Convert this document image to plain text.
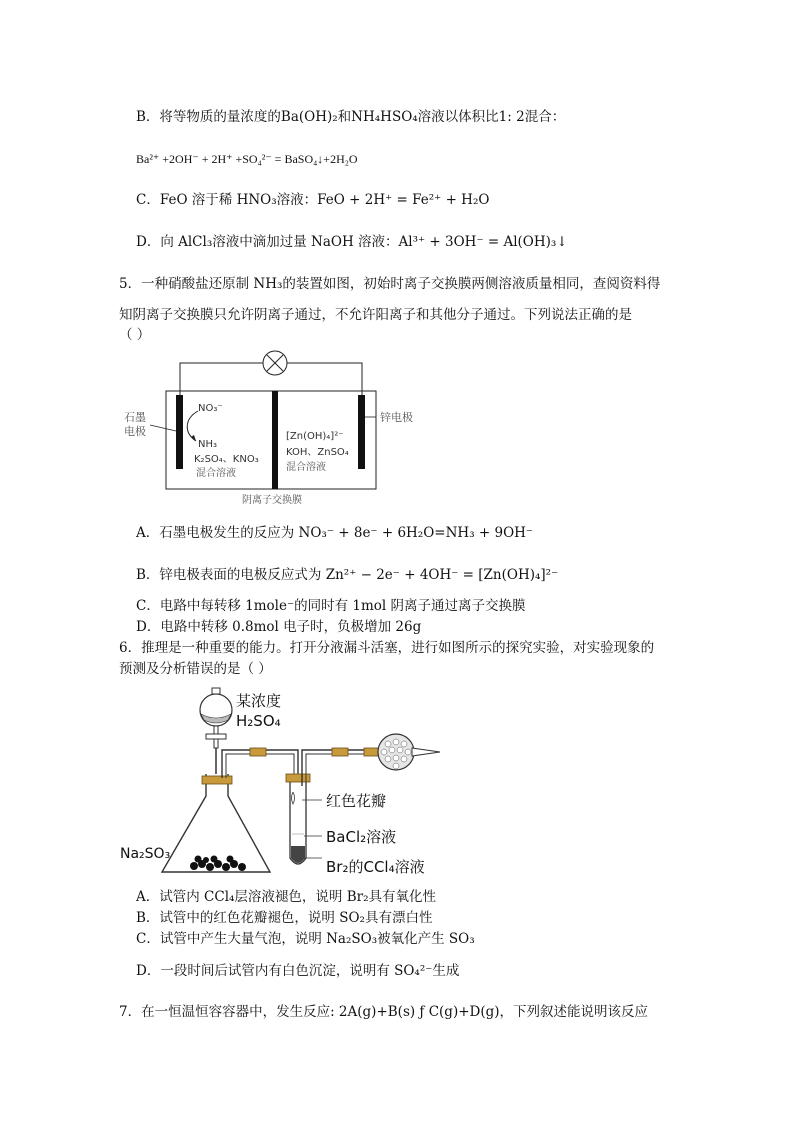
B．将等物质的量浓度的Ba(OH)₂和NH₄HSO₄溶液以体积比1: 2混合：
Ba²⁺ +2OH⁻ + 2H⁺ +SO₄²⁻ = BaSO₄↓+2H₂O
C．FeO 溶于稀 HNO₃溶液：FeO + 2H⁺ = Fe²⁺ + H₂O
D．向 AlCl₃溶液中滴加过量 NaOH 溶液：Al³⁺ + 3OH⁻ = Al(OH)₃↓
5．一种硝酸盐还原制 NH₃的装置如图，初始时离子交换膜两侧溶液质量相同，查阅资料得
知阴离子交换膜只允许阴离子通过，不允许阳离子和其他分子通过。下列说法正确的是
（ ）
石墨
电极
锌电极
NO₃⁻
NH₃
K₂SO₄、KNO₃
混合溶液
[Zn(OH)₄]²⁻
KOH、ZnSO₄
混合溶液
阴离子交换膜
A．石墨电极发生的反应为 NO₃⁻ + 8e⁻ + 6H₂O=NH₃ + 9OH⁻
B．锌电极表面的电极反应式为 Zn²⁺ − 2e⁻ + 4OH⁻ = [Zn(OH)₄]²⁻
C．电路中每转移 1mole⁻的同时有 1mol 阴离子通过离子交换膜
D．电路中转移 0.8mol 电子时，负极增加 26g
6．推理是一种重要的能力。打开分液漏斗活塞，进行如图所示的探究实验，对实验现象的
预测及分析错误的是（ ）
某浓度
H₂SO₄
Na₂SO₃
红色花瓣
BaCl₂溶液
Br₂的CCl₄溶液
A．试管内 CCl₄层溶液褪色，说明 Br₂具有氧化性
B．试管中的红色花瓣褪色，说明 SO₂具有漂白性
C．试管中产生大量气泡，说明 Na₂SO₃被氧化产生 SO₃
D．一段时间后试管内有白色沉淀，说明有 SO₄²⁻生成
7．在一恒温恒容容器中，发生反应: 2A(g)+B(s) ƒ C(g)+D(g)，下列叙述能说明该反应
